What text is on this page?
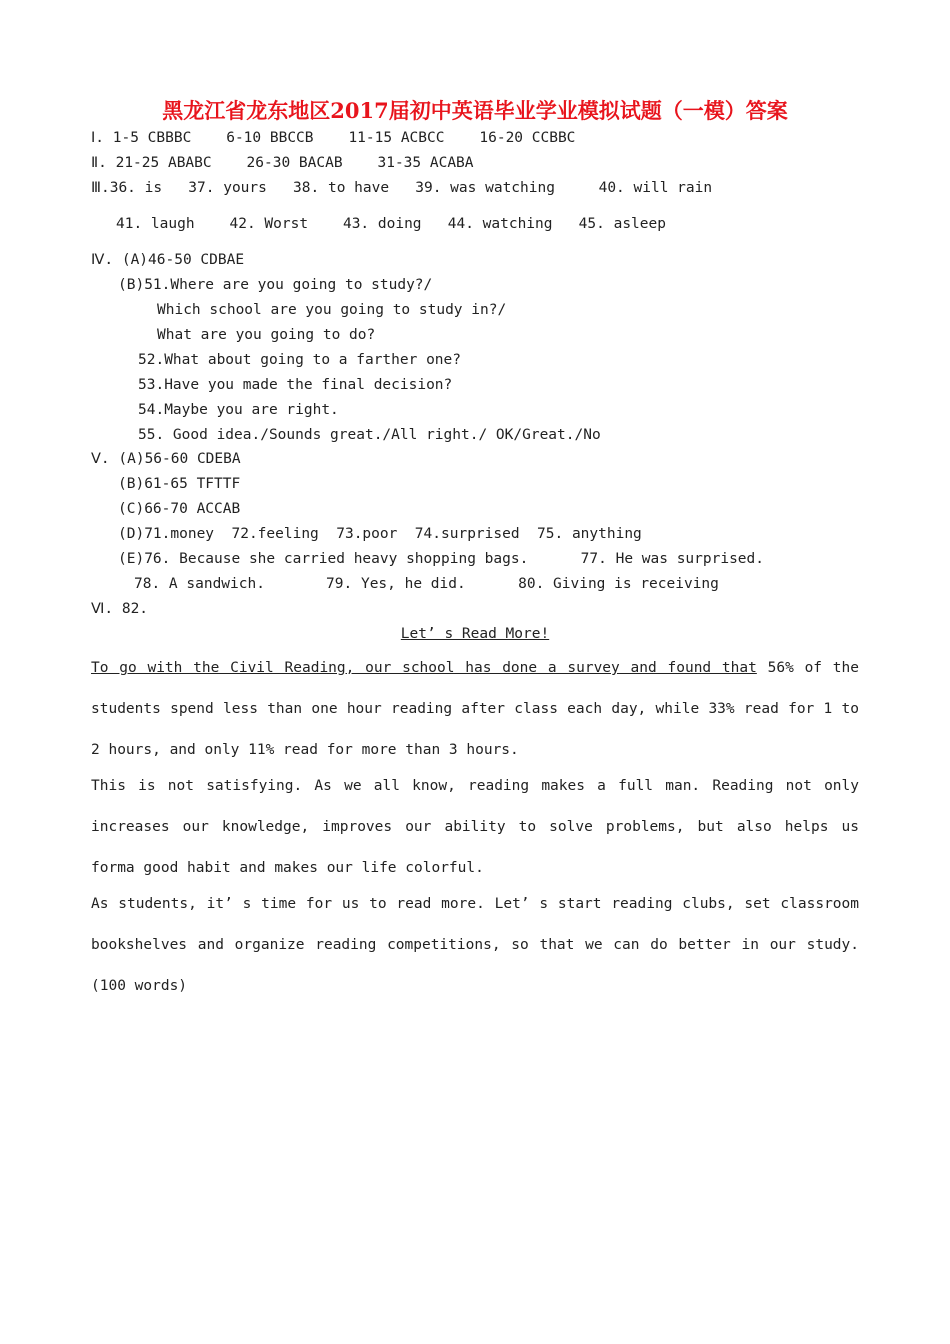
黑龙江省龙东地区2017届初中英语毕业学业模拟试题（一模）答案
Ⅰ. 1-5 CBBBC    6-10 BBCCB    11-15 ACBCC    16-20 CCBBC
Ⅱ. 21-25 ABABC    26-30 BACAB    31-35 ACABA
Ⅲ.36. is   37. yours   38. to have   39. was watching     40. will rain
41. laugh    42. Worst    43. doing   44. watching   45. asleep
Ⅳ. (A)46-50 CDBAE
(B)51.Where are you going to study?/
Which school are you going to study in?/
What are you going to do?
52.What about going to a farther one?
53.Have you made the final decision?
54.Maybe you are right.
55. Good idea./Sounds great./All right./ OK/Great./No
Ⅴ. (A)56-60 CDEBA
(B)61-65 TFTTF
(C)66-70 ACCAB
(D)71.money  72.feeling  73.poor  74.surprised  75. anything
(E)76. Because she carried heavy shopping bags.      77. He was surprised.
78. A sandwich.       79. Yes, he did.      80. Giving is receiving
Ⅵ. 82.
Let’ s Read More!

To go with the Civil Reading, our school has done a survey and found that 56% of the students spend less than one hour reading after class each day, while 33% read for 1 to 2 hours, and only 11% read for more than 3 hours.

This is not satisfying. As we all know, reading makes a full man. Reading not only increases our knowledge, improves our ability to solve problems, but also helps us forma good habit and makes our life colorful.

As students, it’ s time for us to read more. Let’ s start reading clubs, set classroom bookshelves and organize reading competitions, so that we can do better in our study.(100 words)
